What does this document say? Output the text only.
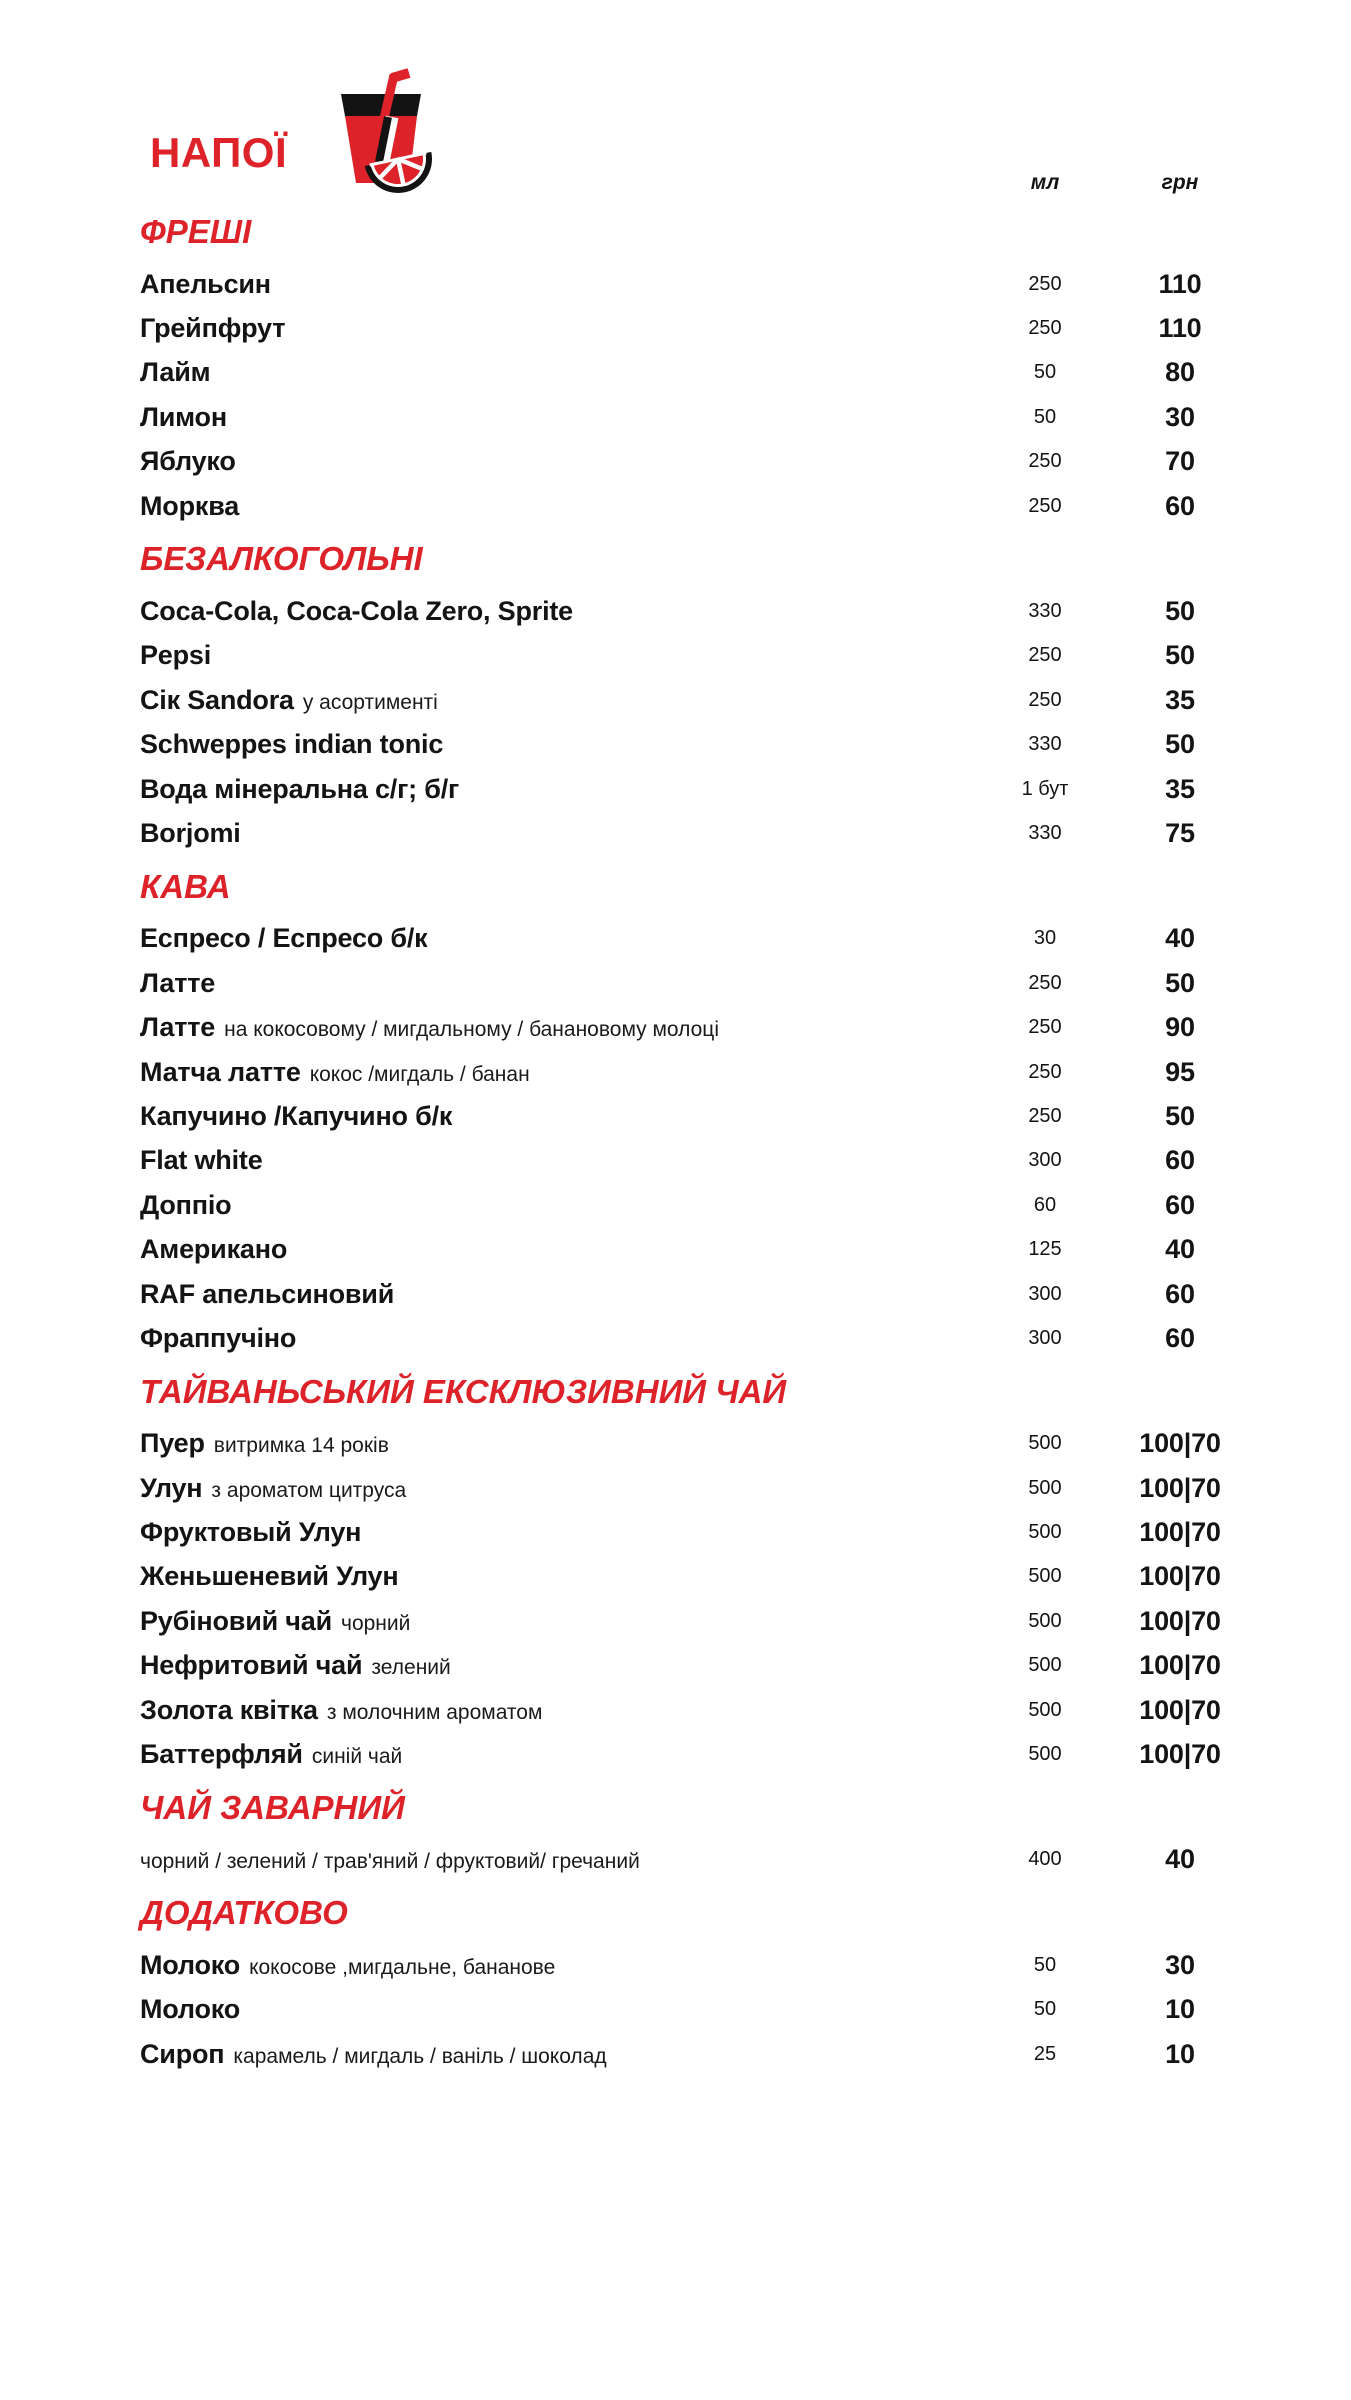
НАПОЇ
мл	грн
ФРЕШІ
Апельсин	250	110
Грейпфрут	250	110
Лайм	50	80
Лимон	50	30
Яблуко	250	70
Морква	250	60
БЕЗАЛКОГОЛЬНІ
Coca-Cola, Coca-Cola Zero, Sprite	330	50
Pepsi	250	50
Сік Sandora у асортименті	250	35
Schweppes indian tonic	330	50
Вода мінеральна с/г; б/г	1 бут	35
Borjomi	330	75
КАВА
Еспресо / Еспресо б/к	30	40
Латте	250	50
Латте на кокосовому / мигдальному / банановому молоці	250	90
Матча латте кокос /мигдаль / банан	250	95
Капучино /Капучино б/к	250	50
Flat white	300	60
Доппіо	60	60
Американо	125	40
RAF апельсиновий	300	60
Фраппучіно	300	60
ТАЙВАНЬСЬКИЙ ЕКСКЛЮЗИВНИЙ ЧАЙ
Пуер витримка 14 років	500	100|70
Улун з ароматом цитруса	500	100|70
Фруктовый Улун	500	100|70
Женьшеневий Улун	500	100|70
Рубіновий чай чорний	500	100|70
Нефритовий чай зелений	500	100|70
Золота квітка з молочним ароматом	500	100|70
Баттерфляй синій чай	500	100|70
ЧАЙ ЗАВАРНИЙ
чорний / зелений / трав'яний / фруктовий/ гречаний	400	40
ДОДАТКОВО
Молоко кокосове ,мигдальне, бананове	50	30
Молоко	50	10
Сироп карамель / мигдаль / ваніль / шоколад	25	10
